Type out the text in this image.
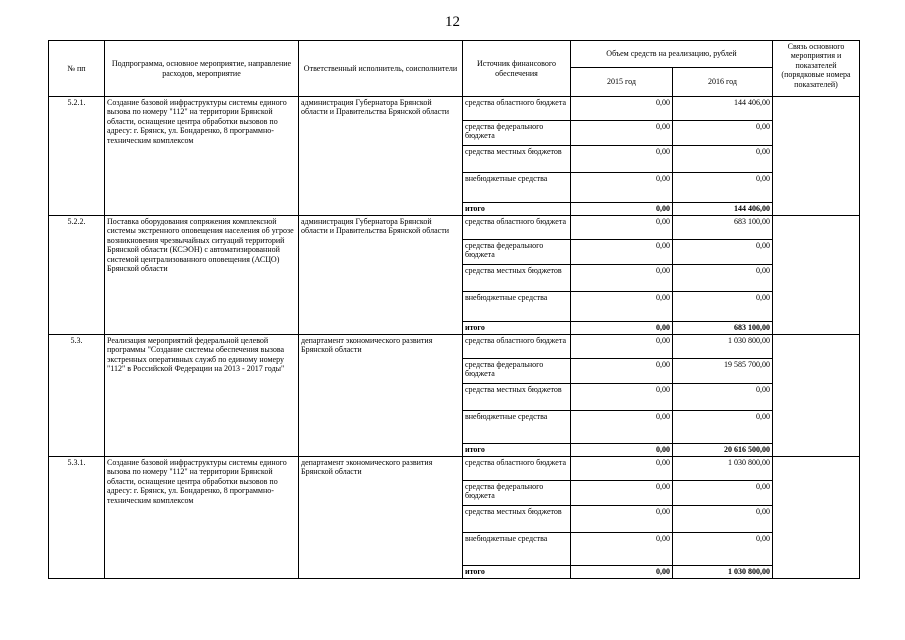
12
№ пп	Подпрограмма, основное мероприятие, направление расходов, мероприятие	Ответственный исполнитель, соисполнители	Источник финансового обеспечения	Объем средств на реализацию, рублей		Связь основного мероприятия и показателей (порядковые номера показателей)
				2015 год	2016 год	
5.2.1.	Создание базовой инфраструктуры системы единого вызова по номеру "112" на территории Брянской области, оснащение центра обработки вызовов по адресу: г. Брянск, ул. Бондаренко, 8 программно-техническим комплексом	администрация Губернатора Брянской области и Правительства Брянской области	средства областного бюджета	0,00	144 406,00	
			средства федерального бюджета	0,00	0,00	
			средства местных бюджетов	0,00	0,00	
			внебюджетные средства	0,00	0,00	
			итого	0,00	144 406,00	
5.2.2.	Поставка оборудования сопряжения комплексной системы экстренного оповещения населения об угрозе возникновения чрезвычайных ситуаций территорий Брянской области (КСЭОН) с автоматизированной системой централизованного оповещения (АСЦО) Брянской области	администрация Губернатора Брянской области и Правительства Брянской области	средства областного бюджета	0,00	683 100,00	
			средства федерального бюджета	0,00	0,00	
			средства местных бюджетов	0,00	0,00	
			внебюджетные средства	0,00	0,00	
			итого	0,00	683 100,00	
5.3.	Реализация мероприятий федеральной целевой программы "Создание системы обеспечения вызова экстренных оперативных служб по единому номеру "112" в Российской Федерации на 2013 - 2017 годы"	департамент экономического развития Брянской области	средства областного бюджета	0,00	1 030 800,00	
			средства федерального бюджета	0,00	19 585 700,00	
			средства местных бюджетов	0,00	0,00	
			внебюджетные средства	0,00	0,00	
			итого	0,00	20 616 500,00	
5.3.1.	Создание базовой инфраструктуры системы единого вызова по номеру "112" на территории Брянской области, оснащение центра обработки вызовов по адресу: г. Брянск, ул. Бондаренко, 8 программно-техническим комплексом	департамент экономического развития Брянской области	средства областного бюджета	0,00	1 030 800,00	
			средства федерального бюджета	0,00	0,00	
			средства местных бюджетов	0,00	0,00	
			внебюджетные средства	0,00	0,00	
			итого	0,00	1 030 800,00	
